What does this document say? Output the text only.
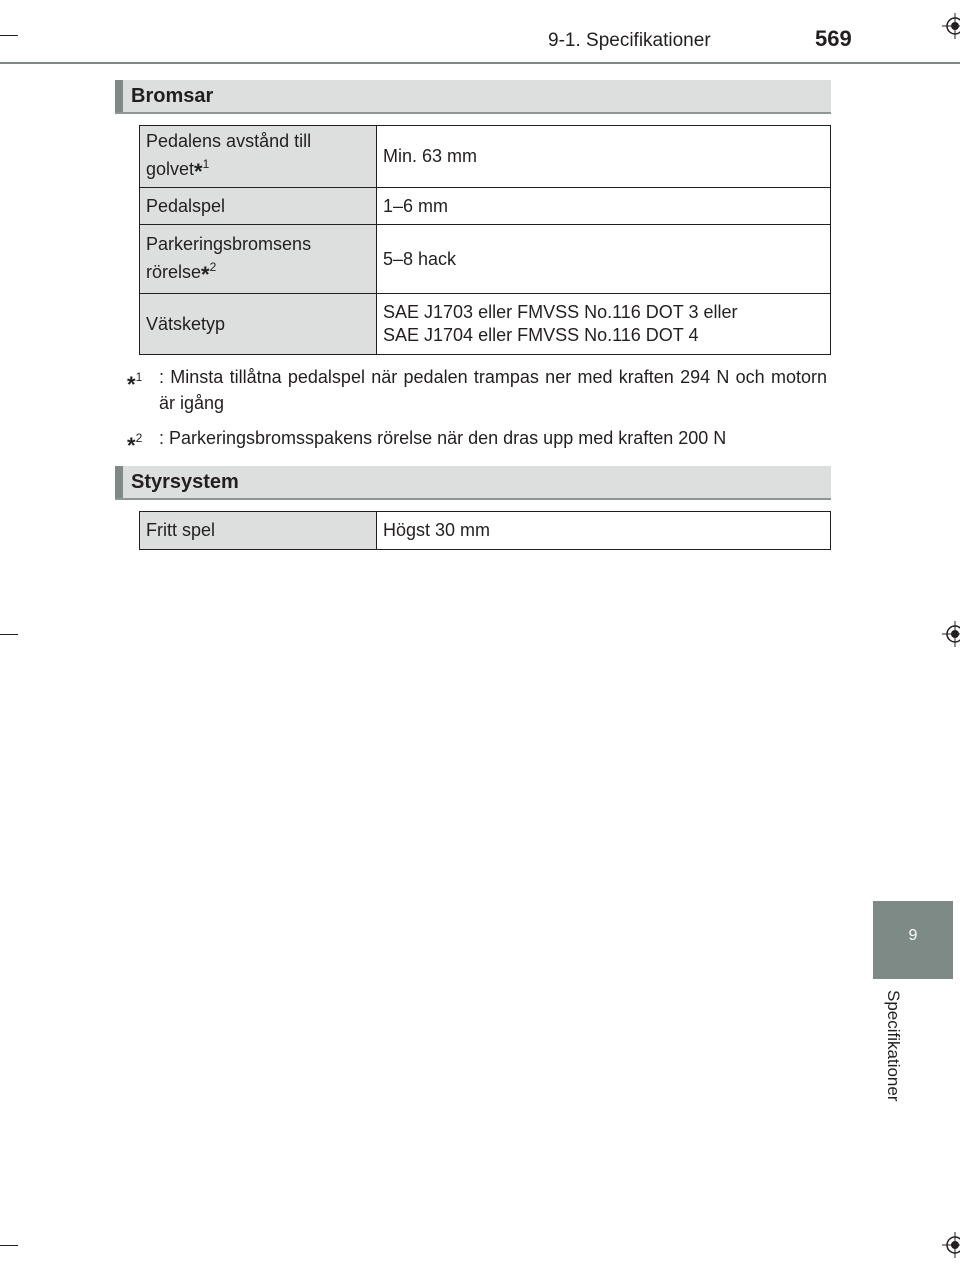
9-1. Specifikationer	569
Bromsar
Pedalens avstånd till
golvet*$^1$	Min. 63 mm
Pedalspel	1–6 mm
Parkeringsbromsens
rörelse*$^2$	5–8 hack
Vätsketyp	SAE J1703 eller FMVSS No.116 DOT 3 eller
SAE J1704 eller FMVSS No.116 DOT 4
*$^1$ : Minsta tillåtna pedalspel när pedalen trampas ner med kraften 294 N och motorn är igång
*$^2$ : Parkeringsbromsspakens rörelse när den dras upp med kraften 200 N
Styrsystem
Fritt spel	Högst 30 mm
9
Specifikationer
